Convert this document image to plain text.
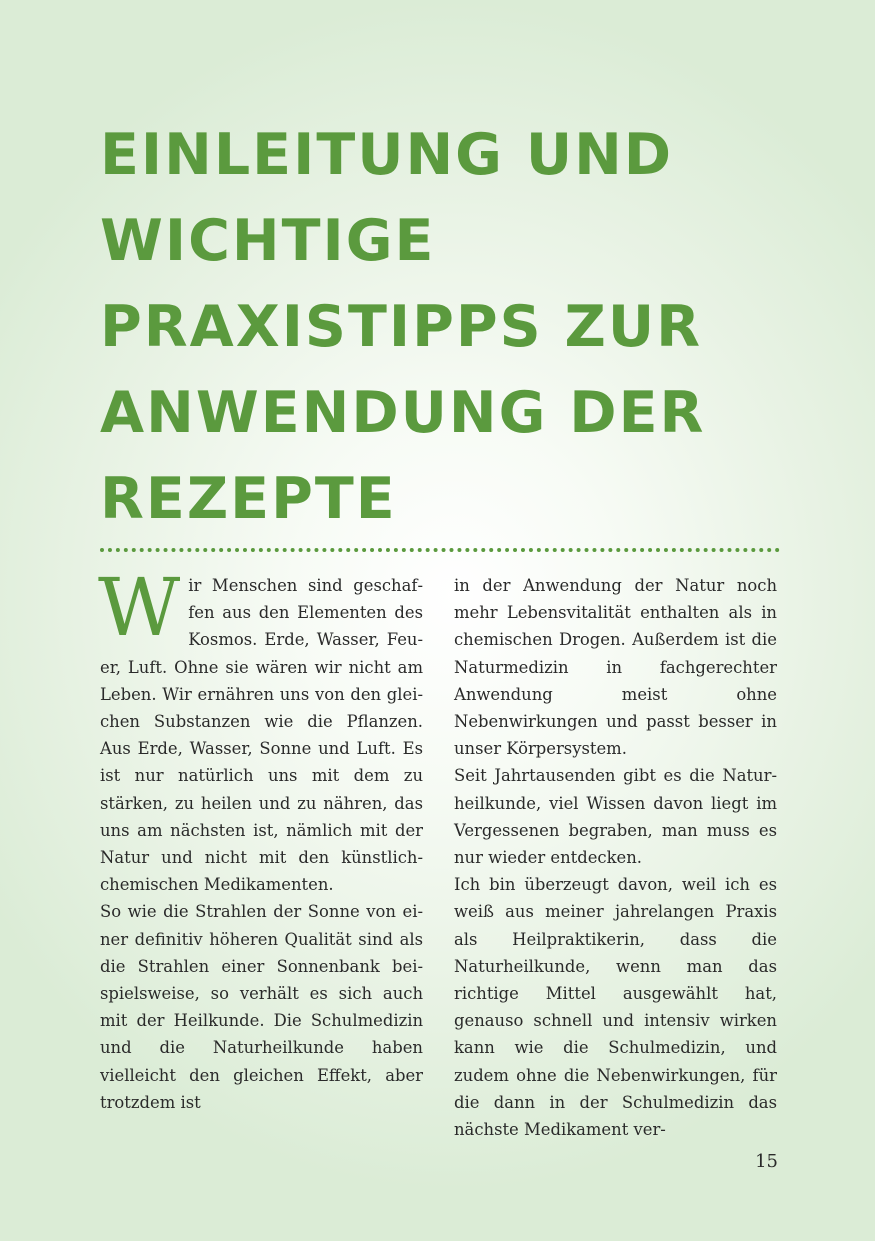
EINLEITUNG UND
WICHTIGE
PRAXISTIPPS ZUR
ANWENDUNG DER
REZEPTE

Wir Menschen sind geschaffen aus den Elementen des Kosmos. Erde, Wasser, Feuer, Luft. Ohne sie wären wir nicht am Leben. Wir ernähren uns von den gleichen Substanzen wie die Pflanzen. Aus Erde, Wasser, Sonne und Luft. Es ist nur natürlich uns mit dem zu stärken, zu heilen und zu nähren, das uns am nächsten ist, nämlich mit der Natur und nicht mit den künstlich-chemischen Medikamenten.

So wie die Strahlen der Sonne von einer definitiv höheren Qualität sind als die Strahlen einer Sonnenbank beispielsweise, so verhält es sich auch mit der Heilkunde. Die Schulmedizin und die Naturheilkunde haben vielleicht den gleichen Effekt, aber trotzdem ist

in der Anwendung der Natur noch mehr Lebensvitalität enthalten als in chemischen Drogen. Außerdem ist die Naturmedizin in fachgerechter Anwendung meist ohne Nebenwirkungen und passt besser in unser Körpersystem.

Seit Jahrtausenden gibt es die Naturheilkunde, viel Wissen davon liegt im Vergessenen begraben, man muss es nur wieder entdecken.

Ich bin überzeugt davon, weil ich es weiß aus meiner jahrelangen Praxis als Heilpraktikerin, dass die Naturheilkunde, wenn man das richtige Mittel ausgewählt hat, genauso schnell und intensiv wirken kann wie die Schulmedizin, und zudem ohne die Nebenwirkungen, für die dann in der Schulmedizin das nächste Medikament ver-

15
